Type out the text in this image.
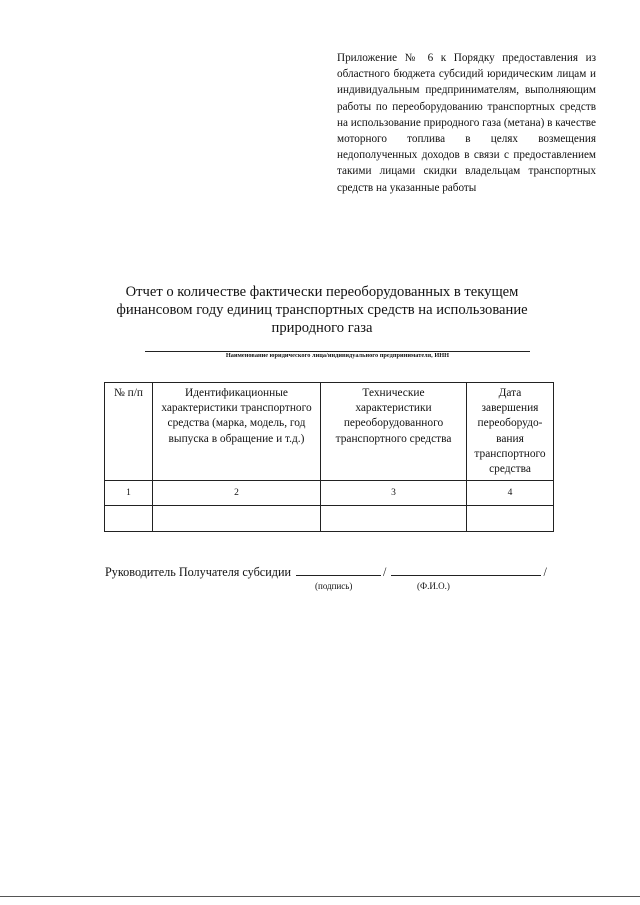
Приложение № 6 к Порядку предоставления из областного бюджета субсидий юридическим лицам и индивидуальным предпринимателям, выполняющим работы по переоборудованию транспортных средств на использование природного газа (метана) в качестве моторного топлива в целях возмещения недополученных доходов в связи с предоставлением такими лицами скидки владельцам транспортных средств на указанные работы
Отчет о количестве фактически переоборудованных в текущем финансовом году единиц транспортных средств на использование природного газа
Наименование юридического лица/индивидуального предпринимателя, ИНН
№ п/п	Идентификационные характеристики транспортного средства (марка, модель, год выпуска в обращение и т.д.)	Технические характеристики переоборудованного транспортного средства	Дата завершения переоборудо-вания транспортного средства
1	2	3	4

Руководитель Получателя субсидии	/	/
(подпись)	(Ф.И.О.)
